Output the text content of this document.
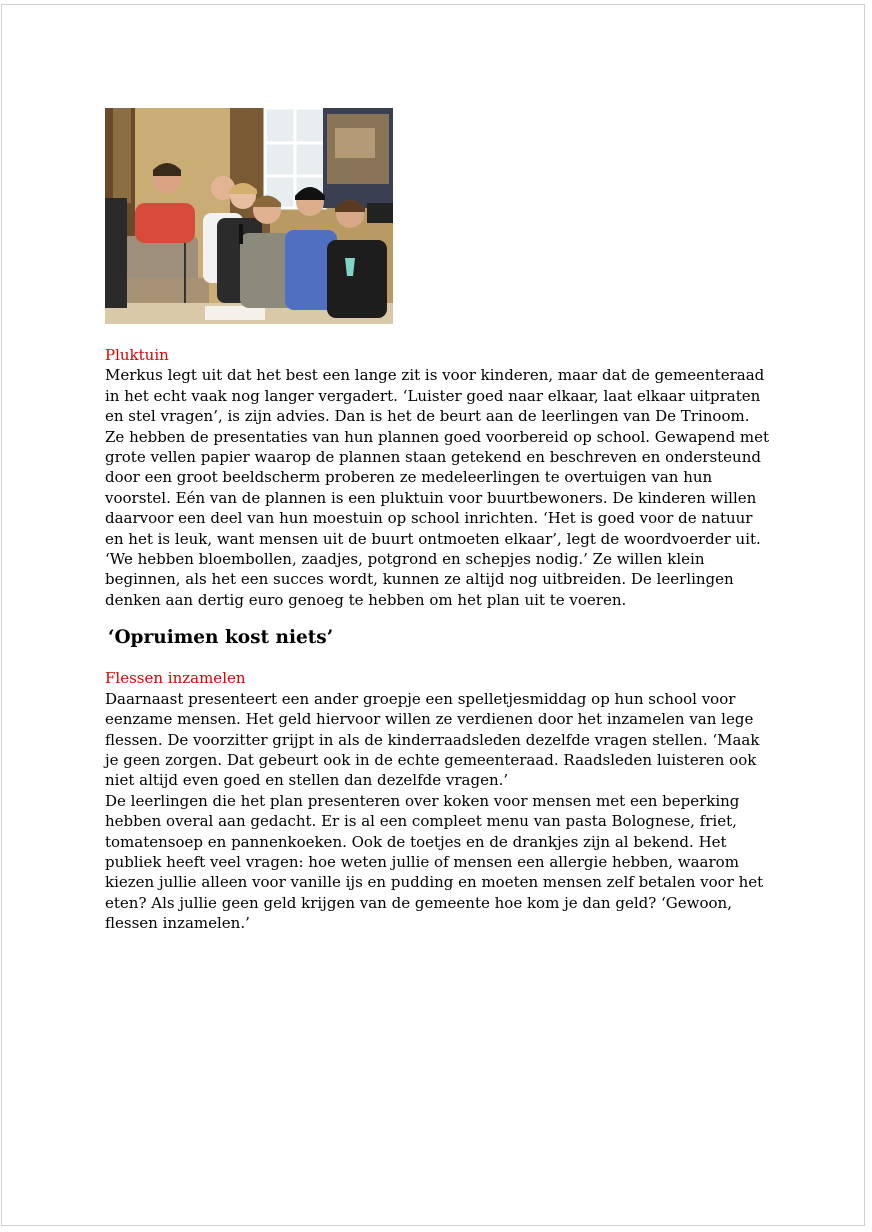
Pluktuin

Merkus legt uit dat het best een lange zit is voor kinderen, maar dat de gemeenteraad in het echt vaak nog langer vergadert. ‘Luister goed naar elkaar, laat elkaar uitpraten en stel vragen’, is zijn advies. Dan is het de beurt aan de leerlingen van De Trinoom. Ze hebben de presentaties van hun plannen goed voorbereid op school. Gewapend met grote vellen papier waarop de plannen staan getekend en beschreven en ondersteund door een groot beeldscherm proberen ze medeleerlingen te overtuigen van hun voorstel. Eén van de plannen is een pluktuin voor buurtbewoners. De kinderen willen daarvoor een deel van hun moestuin op school inrichten. ‘Het is goed voor de natuur en het is leuk, want mensen uit de buurt ontmoeten elkaar’, legt de woordvoerder uit. ‘We hebben bloembollen, zaadjes, potgrond en schepjes nodig.’ Ze willen klein beginnen, als het een succes wordt, kunnen ze altijd nog uitbreiden. De leerlingen denken aan dertig euro genoeg te hebben om het plan uit te voeren.

‘Opruimen kost niets’

Flessen inzamelen

Daarnaast presenteert een ander groepje een spelletjesmiddag op hun school voor eenzame mensen. Het geld hiervoor willen ze verdienen door het inzamelen van lege flessen. De voorzitter grijpt in als de kinderraadsleden dezelfde vragen stellen. ‘Maak je geen zorgen. Dat gebeurt ook in de echte gemeenteraad. Raadsleden luisteren ook niet altijd even goed en stellen dan dezelfde vragen.’

De leerlingen die het plan presenteren over koken voor mensen met een beperking hebben overal aan gedacht. Er is al een compleet menu van pasta Bolognese, friet, tomatensoep en pannenkoeken. Ook de toetjes en de drankjes zijn al bekend. Het publiek heeft veel vragen: hoe weten jullie of mensen een allergie hebben, waarom kiezen jullie alleen voor vanille ijs en pudding en moeten mensen zelf betalen voor het eten? Als jullie geen geld krijgen van de gemeente hoe kom je dan geld? ‘Gewoon, flessen inzamelen.’
